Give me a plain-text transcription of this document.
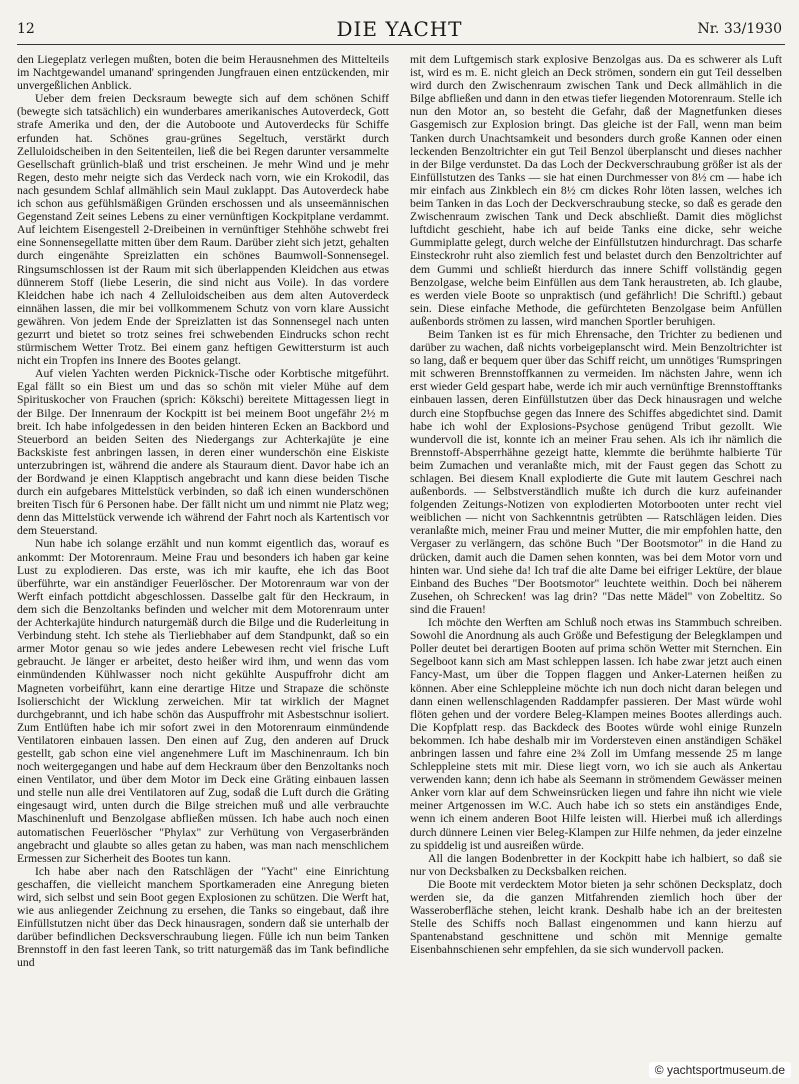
12	DIE YACHT	Nr. 33/1930

den Liegeplatz verlegen mußten, boten die beim Herausnehmen des Mittelteils im Nachtgewandel umanand' springenden Jungfrauen einen entzückenden, mir unvergeßlichen Anblick.

Ueber dem freien Decksraum bewegte sich auf dem schönen Schiff (bewegte sich tatsächlich) ein wunderbares amerikanisches Autoverdeck, Gott strafe Amerika und den, der die Autoboote und Autoverdecks für Schiffe erfunden hat. Schönes grau-grünes Segeltuch, verstärkt durch Zelluloidscheiben in den Seitenteilen, ließ die bei Regen darunter versammelte Gesellschaft grünlich-blaß und trist erscheinen. Je mehr Wind und je mehr Regen, desto mehr neigte sich das Verdeck nach vorn, wie ein Krokodil, das nach gesundem Schlaf allmählich sein Maul zuklappt. Das Autoverdeck habe ich schon aus gefühlsmäßigen Gründen erschossen und als unseemännischen Gegenstand Zeit seines Lebens zu einer vernünftigen Kockpitplane verdammt. Auf leichtem Eisengestell 2-Dreibeinen in vernünftiger Stehhöhe schwebt frei eine Sonnensegellatte mitten über dem Raum. Darüber zieht sich jetzt, gehalten durch eingenähte Spreizlatten ein schönes Baumwoll-Sonnensegel. Ringsumschlossen ist der Raum mit sich überlappenden Kleidchen aus etwas dünnerem Stoff (liebe Leserin, die sind nicht aus Voile). In das vordere Kleidchen habe ich nach 4 Zelluloidscheiben aus dem alten Autoverdeck einnähen lassen, die mir bei vollkommenem Schutz von vorn klare Aussicht gewähren. Von jedem Ende der Spreizlatten ist das Sonnensegel nach unten gezurrt und bietet so trotz seines frei schwebenden Eindrucks schon recht stürmischem Wetter Trotz. Bei einem ganz heftigen Gewittersturm ist auch nicht ein Tropfen ins Innere des Bootes gelangt.

Auf vielen Yachten werden Picknick-Tische oder Korbtische mitgeführt. Egal fällt so ein Biest um und das so schön mit vieler Mühe auf dem Spirituskocher von Frauchen (sprich: Kökschi) bereitete Mittagessen liegt in der Bilge. Der Innenraum der Kockpitt ist bei meinem Boot ungefähr 2½ m breit. Ich habe infolgedessen in den beiden hinteren Ecken an Backbord und Steuerbord an beiden Seiten des Niedergangs zur Achterkajüte je eine Backskiste fest anbringen lassen, in deren einer wunderschön eine Eiskiste unterzubringen ist, während die andere als Stauraum dient. Davor habe ich an der Bordwand je einen Klapptisch angebracht und kann diese beiden Tische durch ein aufgebares Mittelstück verbinden, so daß ich einen wunderschönen breiten Tisch für 6 Personen habe. Der fällt nicht um und nimmt nie Platz weg; denn das Mittelstück verwende ich während der Fahrt noch als Kartentisch vor dem Steuerstand.

Nun habe ich solange erzählt und nun kommt eigentlich das, worauf es ankommt: Der Motorenraum. Meine Frau und besonders ich haben gar keine Lust zu explodieren. Das erste, was ich mir kaufte, ehe ich das Boot überführte, war ein anständiger Feuerlöscher. Der Motorenraum war von der Werft einfach pottdicht abgeschlossen. Dasselbe galt für den Heckraum, in dem sich die Benzoltanks befinden und welcher mit dem Motorenraum unter der Achterkajüte hindurch naturgemäß durch die Bilge und die Ruderleitung in Verbindung steht. Ich stehe als Tierliebhaber auf dem Standpunkt, daß so ein armer Motor genau so wie jedes andere Lebewesen recht viel frische Luft gebraucht. Je länger er arbeitet, desto heißer wird ihm, und wenn das vom einmündenden Kühlwasser noch nicht gekühlte Auspuffrohr dicht am Magneten vorbeiführt, kann eine derartige Hitze und Strapaze die schönste Isolierschicht der Wicklung zerweichen. Mir tat wirklich der Magnet durchgebrannt, und ich habe schön das Auspuffrohr mit Asbestschnur isoliert. Zum Entlüften habe ich mir sofort zwei in den Motorenraum einmündende Ventilatoren einbauen lassen. Den einen auf Zug, den anderen auf Druck gestellt, gab schon eine viel angenehmere Luft im Maschinenraum. Ich bin noch weitergegangen und habe auf dem Heckraum über den Benzoltanks noch einen Ventilator, und über dem Motor im Deck eine Gräting einbauen lassen und stelle nun alle drei Ventilatoren auf Zug, sodaß die Luft durch die Gräting eingesaugt wird, unten durch die Bilge streichen muß und alle verbrauchte Maschinenluft und Benzolgase abfließen müssen. Ich habe auch noch einen automatischen Feuerlöscher "Phylax" zur Verhütung von Vergaserbränden angebracht und glaubte so alles getan zu haben, was man nach menschlichem Ermessen zur Sicherheit des Bootes tun kann.

Ich habe aber nach den Ratschlägen der "Yacht" eine Einrichtung geschaffen, die vielleicht manchem Sportkameraden eine Anregung bieten wird, sich selbst und sein Boot gegen Explosionen zu schützen. Die Werft hat, wie aus anliegender Zeichnung zu ersehen, die Tanks so eingebaut, daß ihre Einfüllstutzen nicht über das Deck hinausragen, sondern daß sie unterhalb der darüber befindlichen Decksverschraubung liegen. Fülle ich nun beim Tanken Brennstoff in den fast leeren Tank, so tritt naturgemäß das im Tank befindliche und

mit dem Luftgemisch stark explosive Benzolgas aus. Da es schwerer als Luft ist, wird es m. E. nicht gleich an Deck strömen, sondern ein gut Teil desselben wird durch den Zwischenraum zwischen Tank und Deck allmählich in die Bilge abfließen und dann in den etwas tiefer liegenden Motorenraum. Stelle ich nun den Motor an, so besteht die Gefahr, daß der Magnetfunken dieses Gasgemisch zur Explosion bringt. Das gleiche ist der Fall, wenn man beim Tanken durch Unachtsamkeit und besonders durch große Kannen oder einen leckenden Benzoltrichter ein gut Teil Benzol überplanscht und dieses nachher in der Bilge verdunstet. Da das Loch der Deckverschraubung größer ist als der Einfüllstutzen des Tanks — sie hat einen Durchmesser von 8½ cm — habe ich mir einfach aus Zinkblech ein 8½ cm dickes Rohr löten lassen, welches ich beim Tanken in das Loch der Deckverschraubung stecke, so daß es gerade den Zwischenraum zwischen Tank und Deck abschließt. Damit dies möglichst luftdicht geschieht, habe ich auf beide Tanks eine dicke, sehr weiche Gummiplatte gelegt, durch welche der Einfüllstutzen hindurchragt. Das scharfe Einsteckrohr ruht also ziemlich fest und belastet durch den Benzoltrichter auf dem Gummi und schließt hierdurch das innere Schiff vollständig gegen Benzolgase, welche beim Einfüllen aus dem Tank heraustreten, ab. Ich glaube, es werden viele Boote so unpraktisch (und gefährlich! Die Schriftl.) gebaut sein. Diese einfache Methode, die gefürchteten Benzolgase beim Anfüllen außenbords strömen zu lassen, wird manchen Sportler beruhigen.

Beim Tanken ist es für mich Ehrensache, den Trichter zu bedienen und darüber zu wachen, daß nichts vorbeigeplanscht wird. Mein Benzoltrichter ist so lang, daß er bequem quer über das Schiff reicht, um unnötiges 'Rumspringen mit schweren Brennstoffkannen zu vermeiden. Im nächsten Jahre, wenn ich erst wieder Geld gespart habe, werde ich mir auch vernünftige Brennstofftanks einbauen lassen, deren Einfüllstutzen über das Deck hinausragen und welche durch eine Stopfbuchse gegen das Innere des Schiffes abgedichtet sind. Damit habe ich wohl der Explosions-Psychose genügend Tribut gezollt. Wie wundervoll die ist, konnte ich an meiner Frau sehen. Als ich ihr nämlich die Brennstoff-Absperrhähne gezeigt hatte, klemmte die berühmte halbierte Tür beim Zumachen und veranlaßte mich, mit der Faust gegen das Schott zu schlagen. Bei diesem Knall explodierte die Gute mit lautem Geschrei nach außenbords. — Selbstverständlich mußte ich durch die kurz aufeinander folgenden Zeitungs-Notizen von explodierten Motorbooten unter recht viel weiblichen — nicht von Sachkenntnis getrübten — Ratschlägen leiden. Dies veranlaßte mich, meiner Frau und meiner Mutter, die mir empfohlen hatte, den Vergaser zu verlängern, das schöne Buch "Der Bootsmotor" in die Hand zu drücken, damit auch die Damen sehen konnten, was bei dem Motor vorn und hinten war. Und siehe da! Ich traf die alte Dame bei eifriger Lektüre, der blaue Einband des Buches "Der Bootsmotor" leuchtete weithin. Doch bei näherem Zusehen, oh Schrecken! was lag drin? "Das nette Mädel" von Zobeltitz. So sind die Frauen!

Ich möchte den Werften am Schluß noch etwas ins Stammbuch schreiben. Sowohl die Anordnung als auch Größe und Befestigung der Belegklampen und Poller deutet bei derartigen Booten auf prima schön Wetter mit Sternchen. Ein Segelboot kann sich am Mast schleppen lassen. Ich habe zwar jetzt auch einen Fancy-Mast, um über die Toppen flaggen und Anker-Laternen heißen zu können. Aber eine Schleppleine möchte ich nun doch nicht daran belegen und dann einen wellenschlagenden Raddampfer passieren. Der Mast würde wohl flöten gehen und der vordere Beleg-Klampen meines Bootes allerdings auch. Die Kopfplatt resp. das Backdeck des Bootes würde wohl einige Runzeln bekommen. Ich habe deshalb mir im Vordersteven einen anständigen Schäkel anbringen lassen und fahre eine 2¾ Zoll im Umfang messende 25 m lange Schleppleine stets mit mir. Diese liegt vorn, wo ich sie auch als Ankertau verwenden kann; denn ich habe als Seemann in strömendem Gewässer meinen Anker vorn klar auf dem Schweinsrücken liegen und fahre ihn nicht wie viele meiner Artgenossen im W.C. Auch habe ich so stets ein anständiges Ende, wenn ich einem anderen Boot Hilfe leisten will. Hierbei muß ich allerdings durch dünnere Leinen vier Beleg-Klampen zur Hilfe nehmen, da jeder einzelne zu spiddelig ist und ausreißen würde.

All die langen Bodenbretter in der Kockpitt habe ich halbiert, so daß sie nur von Decksbalken zu Decksbalken reichen.

Die Boote mit verdecktem Motor bieten ja sehr schönen Decksplatz, doch werden sie, da die ganzen Mitfahrenden ziemlich hoch über der Wasseroberfläche stehen, leicht krank. Deshalb habe ich an der breitesten Stelle des Schiffs noch Ballast eingenommen und kann hierzu auf Spantenabstand geschnittene und schön mit Mennige gemalte Eisenbahnschienen sehr empfehlen, da sie sich wundervoll packen.

© yachtsportmuseum.de
